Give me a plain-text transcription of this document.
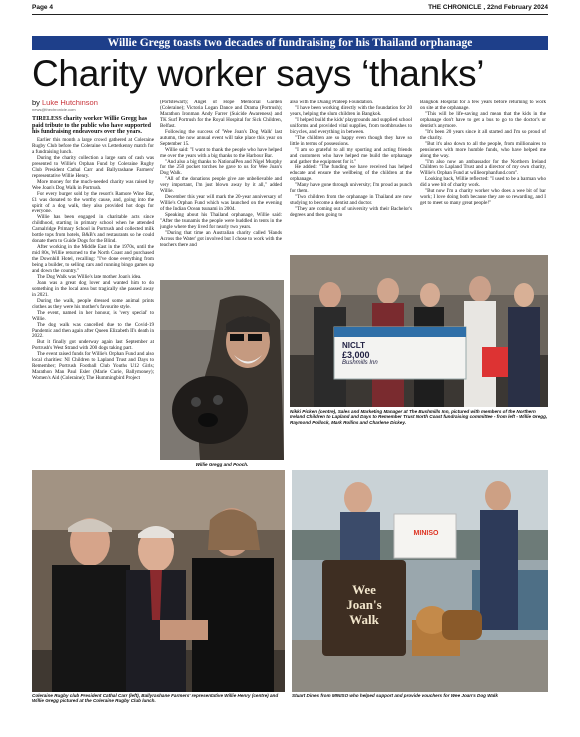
Page 4	THE CHRONICLE , 22nd February 2024
Willie Gregg toasts two decades of fundraising for his Thailand orphanage
Charity worker says ‘thanks’
by Luke Hutchinson
news@thechronicle.com
TIRELESS charity worker Willie Gregg has paid tribute to the public who have supported his fundraising endeavours over the years.

Earlier this month a large crowd gathered at Coleraine Rugby Club before the Coleraine vs Letterkenny match for a fundraising lunch.

During the charity collection a large sum of cash was presented to Willie's Orphan Fund by Coleraine Rugby Club President Cathal Carr and Ballyrashane Farmers' representative Willie Henry.

More money for the much-needed charity was raised by Wee Joan's Dog Walk in Portrush.

For every burger sold by the resort's Ramore Wine Bar, £1 was donated to the worthy cause, and, going into the spirit of a dog walk, they also provided hot dogs for everyone.

Willie has been engaged in charitable acts since childhood, starting in primary school when he attended Carnalridge Primary School in Portrush and collected milk bottle tops from hotels, B&B's and restaurants so he could donate them to Guide Dogs for the Blind.

After working in the Middle East in the 1970s, until the mid 80s, Willie returned to the North Coast and purchased the Downhill Hotel, recalling: "I've done everything from being a builder, to selling cars and running bingo games up and down the country."

The Dog Walk was Willie's late mother Joan's idea.

Joan was a great dog lover and wanted him to do something in the local area but tragically she passed away in 2021.

During the walk, people dressed some animal prints clothes as they were his mother's favourite style.

The event, named in her honour, is 'very special' to Willie.

The dog walk was cancelled due to the Covid-19 Pandemic and then again after Queen Elizabeth II's death in 2022.

But it finally got underway again last September at Portrush's West Strand with 200 dogs taking part.

The event raised funds for Willie's Orphan Fund and also local charities: NI Children to Lapland Trust and Days to Remember; Portrush Football Club Youths U12 Girls; Marathon Man Paul Esler (Marie Curie, Ballymoney); Women's Aid (Coleraine); The Hummingbird Project

(Portstewart); Angel of Hope Memorial Garden (Coleraine); Victoria Logan Dance and Drama (Portrush); Marathon Ironman Andy Farrer (Suicide Awareness) and TK Surf Portrush for the Royal Hospital for Sick Children, Belfast.

Following the success of 'Wee Joan's Dog Walk' last autumn, the now annual event will take place this year on September 15.

Willie said: "I want to thank the people who have helped me over the years with a big thanks to the Harbour Bar.

"And also a big thanks to NationalPen and Nigel Murphy for the 250 pocket torches he gave to us for Wee Joan's Dog Walk.

"All of the donations people give are unbelievable and very important, I'm just blown away by it all," added Willie.

December this year will mark the 20-year anniversary of Willie's Orphan Fund which was launched on the evening of the Indian Ocean tsunami in 2004.

Speaking about his Thailand orphanage, Willie said: "After the tsunamis the people were huddled in tents in the jungle where they lived for nearly two years.

"During that time an Australian charity called 'Hands Across the Water' got involved but I chose to work with the teachers there and

also with the Duang Prateep Foundation.

"I have been working directly with the foundation for 20 years, helping the slum children in Bangkok.

"I helped build the kids' playgrounds and supplied school uniforms and provided vital supplies, from toothbrushes to bicycles, and everything in between.

"The children are so happy even though they have so little in terms of possessions.

"I am so grateful to all my sporting and acting friends and customers who have helped me build the orphanage and gather the equipment for it."

He added: "The funding we have received has helped educate and ensure the wellbeing of the children at the orphanage.

"Many have gone through university; I'm proud as punch for them.

"Two children from the orphanage in Thailand are now studying to become a dentist and doctor.

"They are coming out of university with their Bachelor's degrees and then going to

Bangkok Hospital for a few years before returning to work on site at the orphanage.

"This will be life-saving and mean that the kids in the orphanage don't have to get a bus to go to the doctor's or dentist's anymore.

"It's been 20 years since it all started and I'm so proud of the charity.

"But it's also down to all the people, from millionaires to pensioners with more humble funds, who have helped me along the way.

"I'm also now an ambassador for the Northern Ireland Children to Lapland Trust and a director of my own charity, Willie's Orphan Fund at willieorphanfund.com".

Looking back, Willie reflected: "I used to be a barman who did a wee bit of charity work.

"But now I'm a charity worker who does a wee bit of bar work; I love doing both because they are so rewarding, and I get to meet so many great people!"

Willie Gregg and Pooch.
NICLT
£3,000
Bushmills Inn
Nikki Picken (centre), Sales and Marketing Manager at The Bushmills Inn, pictured with members of the Northern Ireland Children to Lapland and Days to Remember Trust North Coast fundraising committee - from left - Willie Gregg, Raymond Pollock, Mark Rollins and Charlene Dickey.
Coleraine Rugby club President Cathal Carr (left), Ballyrashane Farmers' representative Willie Henry (centre) and Willie Gregg pictured at the Coleraine Rugby Club lunch.
MINISO
Wee
Joan's
Walk
Stuart Dines from MINISO who helped support and provide vouchers for Wee Joan's Dog Walk
